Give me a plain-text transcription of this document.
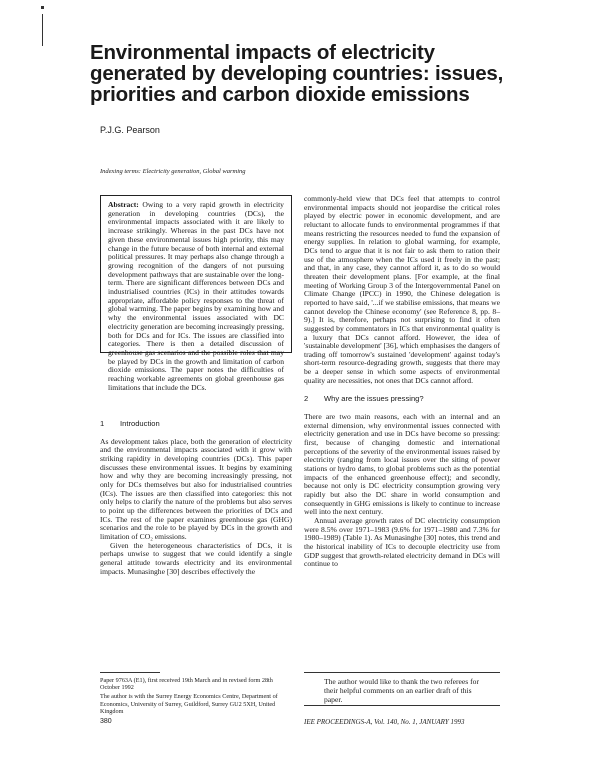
Environmental impacts of electricity generated by developing countries: issues, priorities and carbon dioxide emissions
P.J.G. Pearson
Indexing terms: Electricity generation, Global warming
Abstract: Owing to a very rapid growth in electricity generation in developing countries (DCs), the environmental impacts associated with it are likely to increase strikingly. Whereas in the past DCs have not given these environmental issues high priority, this may change in the future because of both internal and external political pressures. It may perhaps also change through a growing recognition of the dangers of not pursuing development pathways that are sustainable over the long-term. There are significant differences between DCs and industrialised countries (ICs) in their attitudes towards appropriate, affordable policy responses to the threat of global warming. The paper begins by examining how and why the environmental issues associated with DC electricity generation are becoming increasingly pressing, both for DCs and for ICs. The issues are classified into categories. There is then a detailed discussion of greenhouse gas scenarios and the possible roles that may be played by DCs in the growth and limitation of carbon dioxide emissions. The paper notes the difficulties of reaching workable agreements on global greenhouse gas limitations that include the DCs.
1 Introduction

As development takes place, both the generation of electricity and the environmental impacts associated with it grow with striking rapidity in developing countries (DCs). This paper discusses these environmental issues. It begins by examining how and why they are becoming increasingly pressing, not only for DCs themselves but also for industrialised countries (ICs). The issues are then classified into categories: this not only helps to clarify the nature of the problems but also serves to point up the differences between the priorities of DCs and ICs. The rest of the paper examines greenhouse gas (GHG) scenarios and the role to be played by DCs in the growth and limitation of CO₂ emissions.

Given the heterogeneous characteristics of DCs, it is perhaps unwise to suggest that we could identify a single general attitude towards electricity and its environmental impacts. Munasinghe [30] describes effectively the

commonly-held view that DCs feel that attempts to control environmental impacts should not jeopardise the critical roles played by electric power in economic development, and are reluctant to allocate funds to environmental programmes if that means restricting the resources needed to fund the expansion of energy supplies. In relation to global warming, for example, DCs tend to argue that it is not fair to ask them to ration their use of the atmosphere when the ICs used it freely in the past; and that, in any case, they cannot afford it, as to do so would threaten their development plans. [For example, at the final meeting of Working Group 3 of the Intergovernmental Panel on Climate Change (IPCC) in 1990, the Chinese delegation is reported to have said, '...if we stabilise emissions, that means we cannot develop the Chinese economy' (see Reference 8, pp. 8–9).] It is, therefore, perhaps not surprising to find it often suggested by commentators in ICs that environmental quality is a luxury that DCs cannot afford. However, the idea of 'sustainable development' [36], which emphasises the dangers of trading off tomorrow's sustained 'development' against today's short-term resource-degrading growth, suggests that there may be a deeper sense in which some aspects of environmental quality are necessities, not ones that DCs cannot afford.

2 Why are the issues pressing?

There are two main reasons, each with an internal and an external dimension, why environmental issues connected with electricity generation and use in DCs have become so pressing: first, because of changing domestic and international perceptions of the severity of the environmental issues raised by electricity (ranging from local issues over the siting of power stations or hydro dams, to global problems such as the potential impacts of the enhanced greenhouse effect); and secondly, because not only is DC electricity consumption growing very rapidly but also the DC share in world consumption and consequently in GHG emissions is likely to continue to increase well into the next century.

Annual average growth rates of DC electricity consumption were 8.5% over 1971–1983 (9.6% for 1971–1980 and 7.3% for 1980–1989) (Table 1). As Munasinghe [30] notes, this trend and the historical inability of ICs to decouple electricity use from GDP suggest that growth-related electricity demand in DCs will continue to

Paper 9763A (E1), first received 19th March and in revised form 28th October 1992

The author is with the Surrey Energy Economics Centre, Department of Economics, University of Surrey, Guildford, Surrey GU2 5XH, United Kingdom

The author would like to thank the two referees for their helpful comments on an earlier draft of this paper.
380	IEE PROCEEDINGS-A, Vol. 140, No. 1, JANUARY 1993
